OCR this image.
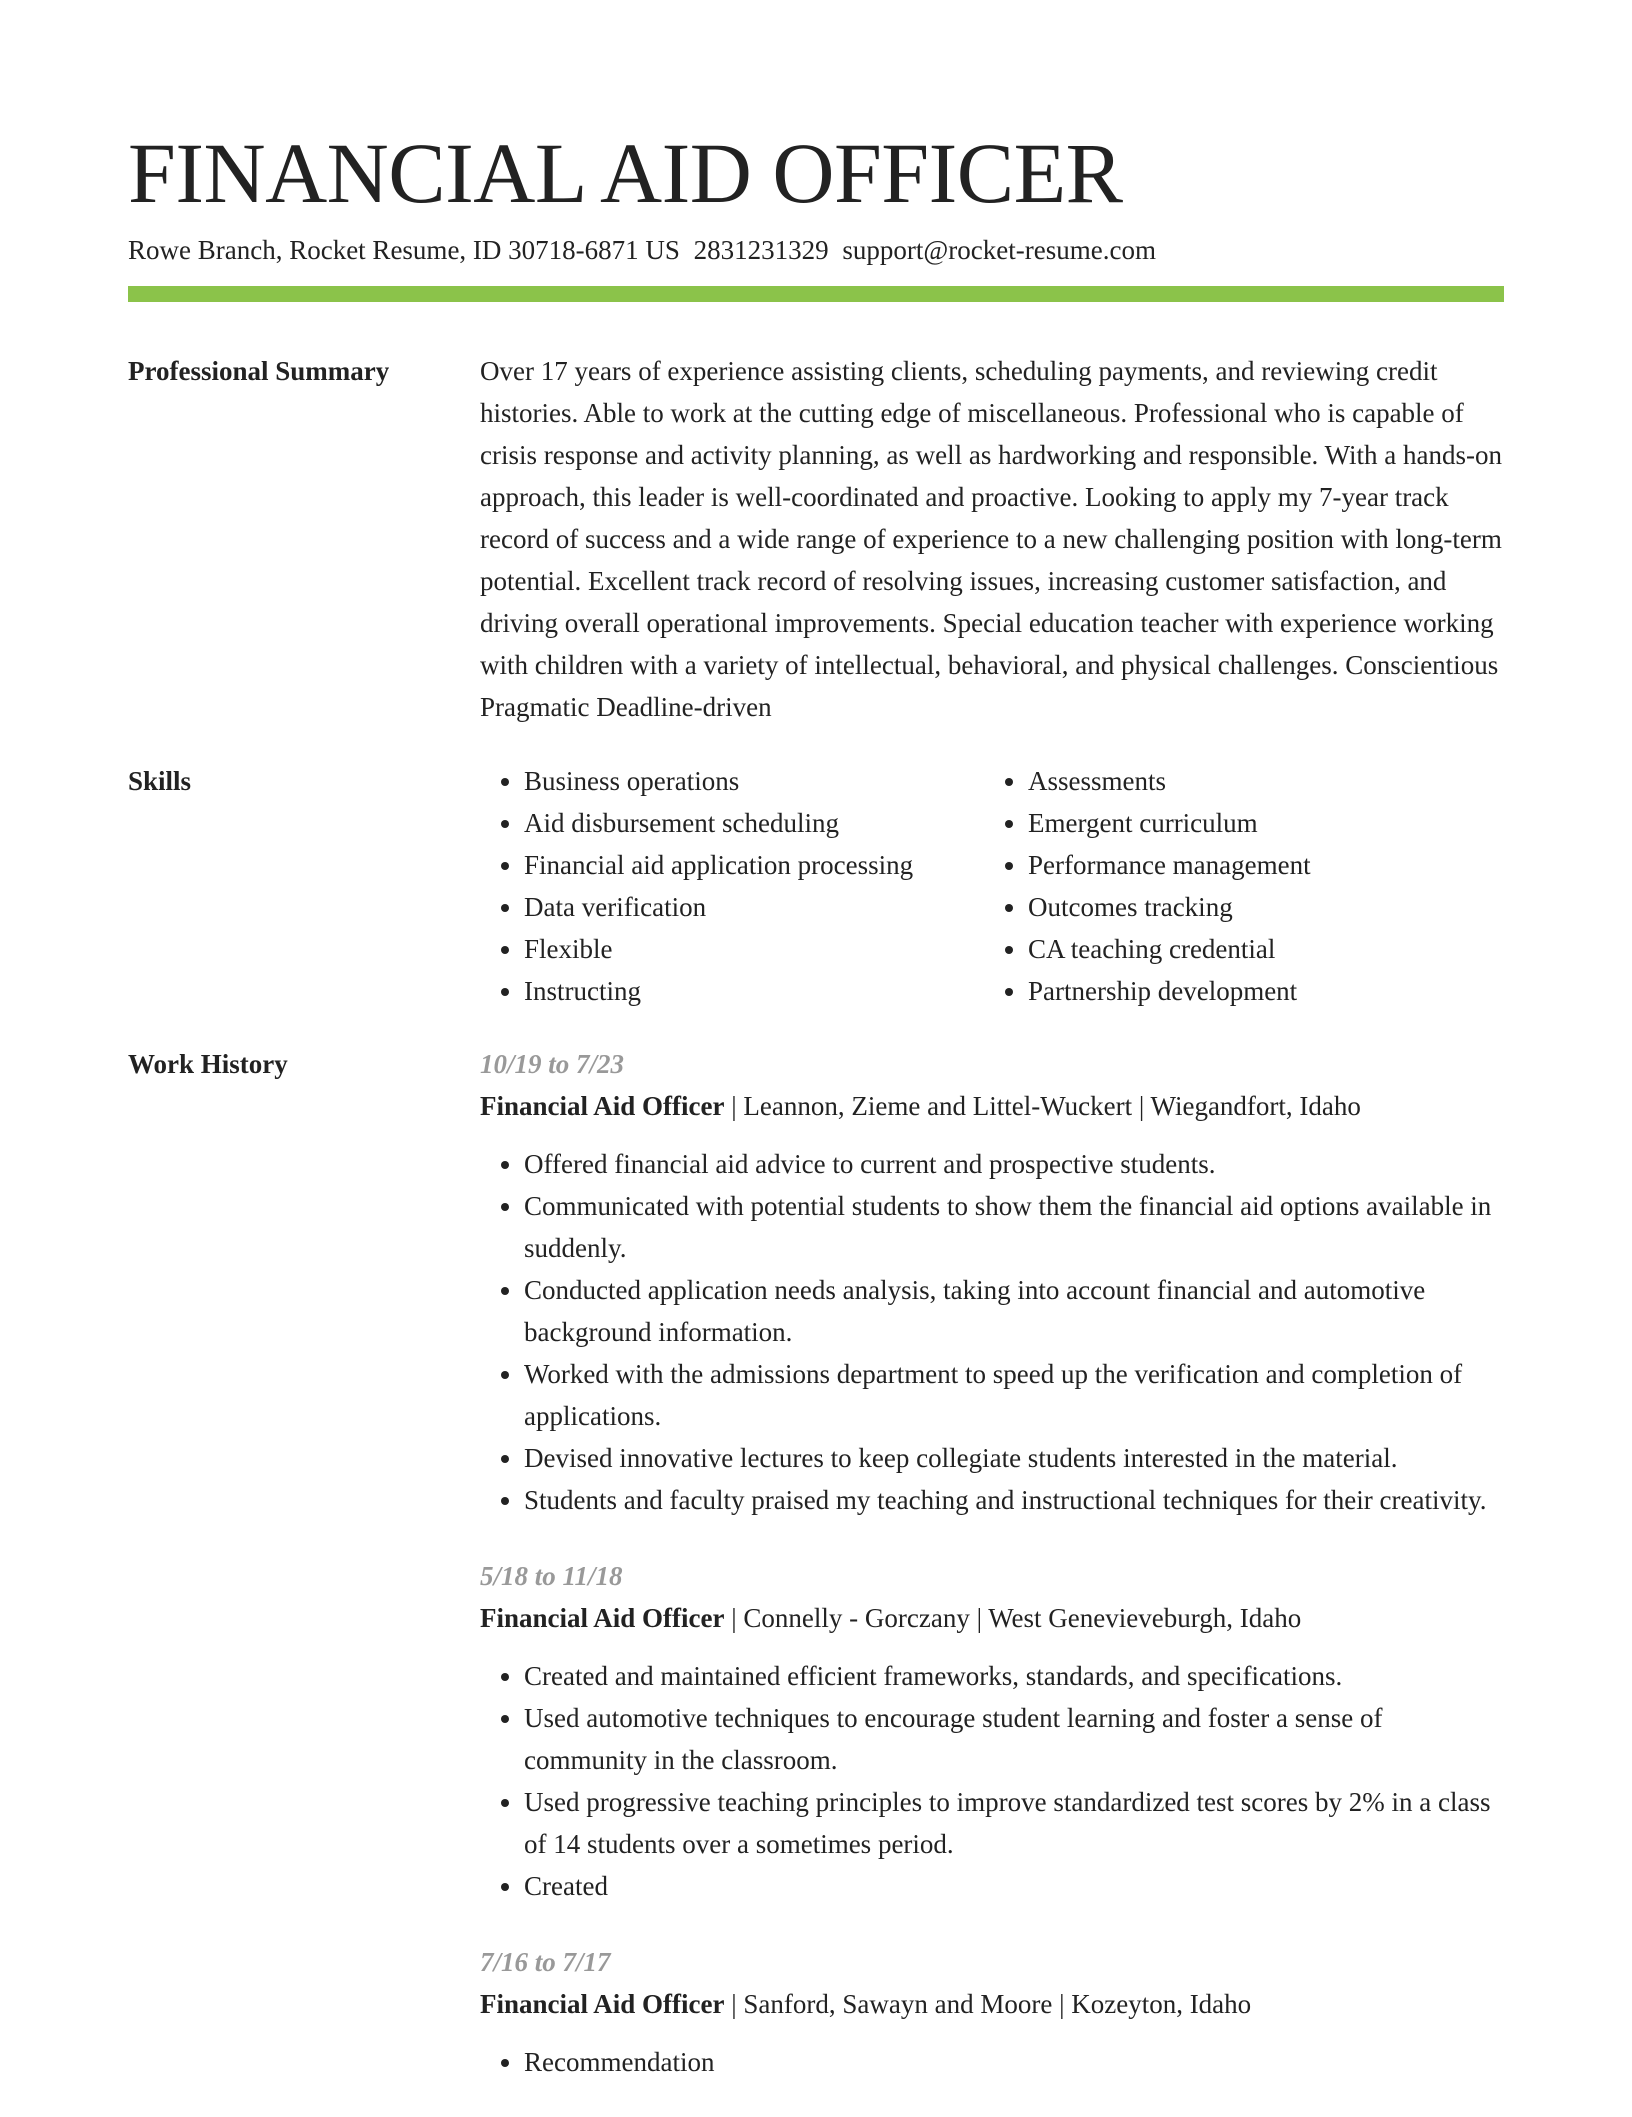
FINANCIAL AID OFFICER
Rowe Branch, Rocket Resume, ID 30718-6871 US 2831231329 support@rocket-resume.com
Professional Summary	Over 17 years of experience assisting clients, scheduling payments, and reviewing credit histories. Able to work at the cutting edge of miscellaneous. Professional who is capable of crisis response and activity planning, as well as hardworking and responsible. With a hands-on approach, this leader is well-coordinated and proactive. Looking to apply my 7-year track record of success and a wide range of experience to a new challenging position with long-term potential. Excellent track record of resolving issues, increasing customer satisfaction, and driving overall operational improvements. Special education teacher with experience working with children with a variety of intellectual, behavioral, and physical challenges. Conscientious Pragmatic Deadline-driven

Skills
•	Business operations
• Aid disbursement scheduling
• Financial aid application processing
• Data verification
• Flexible
• Instructing
• Assessments
• Emergent curriculum
• Performance management
• Outcomes tracking
• CA teaching credential
• Partnership development
Work History	10/19 to 7/23
Financial Aid Officer | Leannon, Zieme and Littel-Wuckert | Wiegandfort, Idaho
• Offered financial aid advice to current and prospective students.
• Communicated with potential students to show them the financial aid options available in suddenly.
• Conducted application needs analysis, taking into account financial and automotive background information.
• Worked with the admissions department to speed up the verification and completion of applications.
• Devised innovative lectures to keep collegiate students interested in the material.
• Students and faculty praised my teaching and instructional techniques for their creativity.
5/18 to 11/18
Financial Aid Officer | Connelly - Gorczany | West Genevieveburgh, Idaho
• Created and maintained efficient frameworks, standards, and specifications.
• Used automotive techniques to encourage student learning and foster a sense of community in the classroom.
• Used progressive teaching principles to improve standardized test scores by 2% in a class of 14 students over a sometimes period.
• Created
7/16 to 7/17
Financial Aid Officer | Sanford, Sawayn and Moore | Kozeyton, Idaho
• Recommendation
